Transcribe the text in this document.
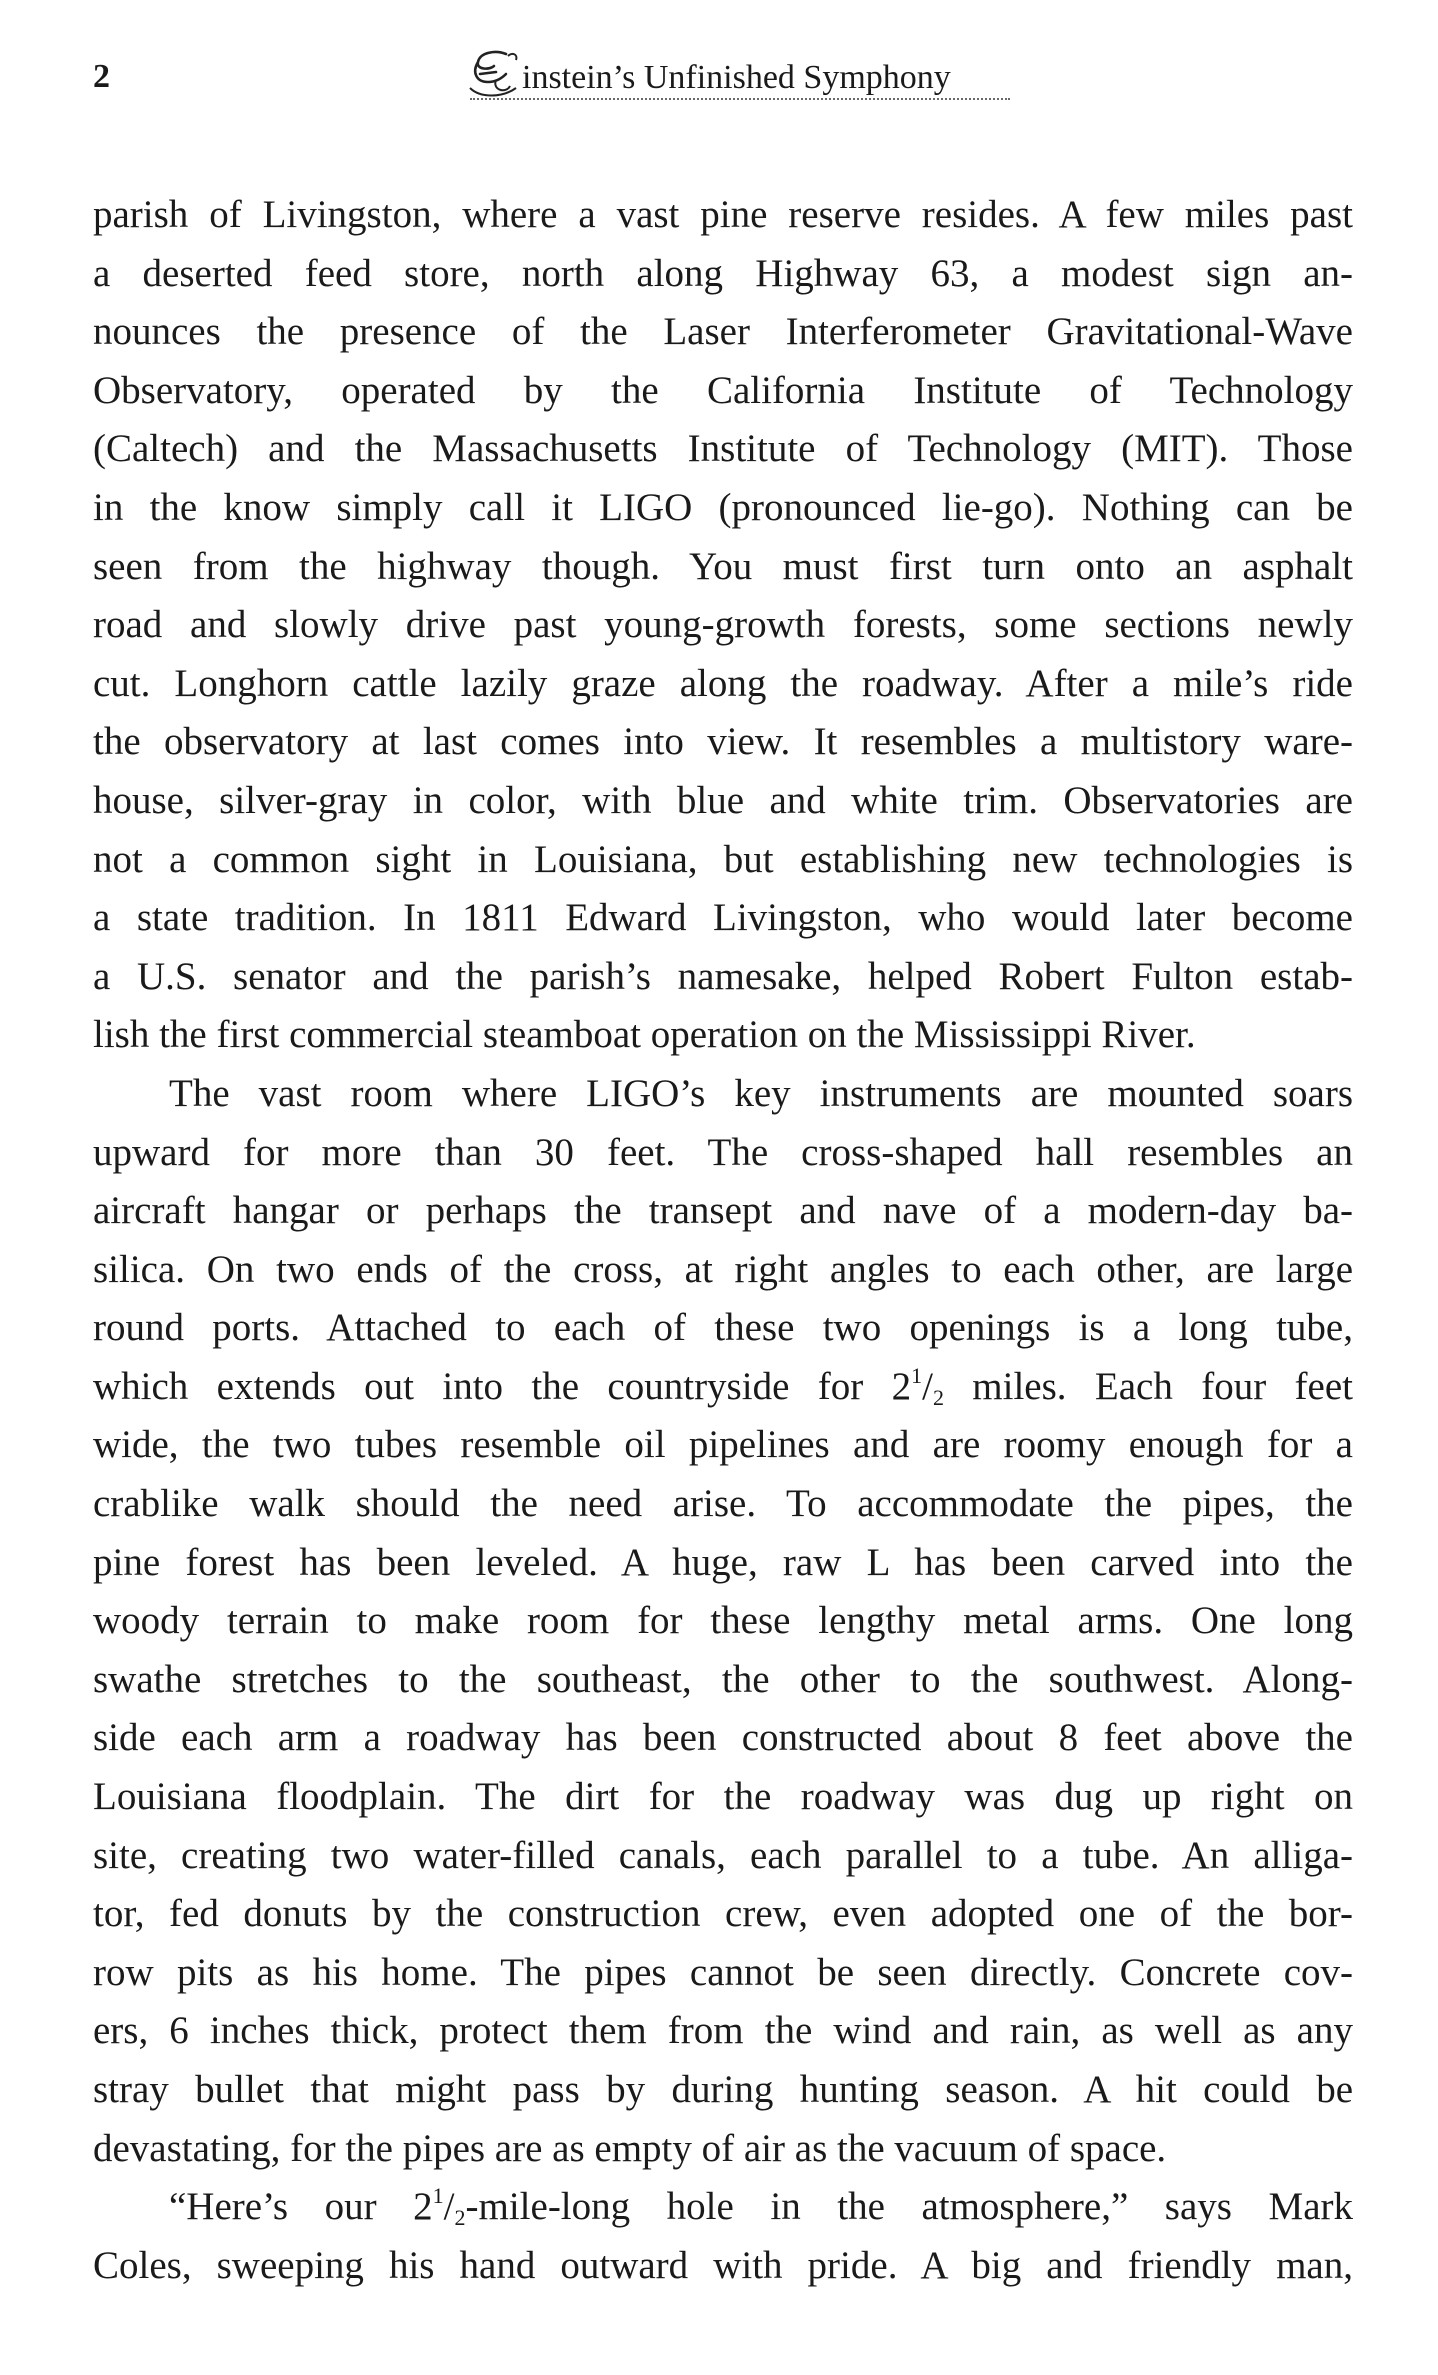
2	instein’s Unfinished Symphony
parish of Livingston, where a vast pine reserve resides. A few miles past
a deserted feed store, north along Highway 63, a modest sign an-
nounces the presence of the Laser Interferometer Gravitational-Wave
Observatory, operated by the California Institute of Technology
(Caltech) and the Massachusetts Institute of Technology (MIT). Those
in the know simply call it LIGO (pronounced lie-go). Nothing can be
seen from the highway though. You must first turn onto an asphalt
road and slowly drive past young-growth forests, some sections newly
cut. Longhorn cattle lazily graze along the roadway. After a mile’s ride
the observatory at last comes into view. It resembles a multistory ware-
house, silver-gray in color, with blue and white trim. Observatories are
not a common sight in Louisiana, but establishing new technologies is
a state tradition. In 1811 Edward Livingston, who would later become
a U.S. senator and the parish’s namesake, helped Robert Fulton estab-
lish the first commercial steamboat operation on the Mississippi River.
The vast room where LIGO’s key instruments are mounted soars
upward for more than 30 feet. The cross-shaped hall resembles an
aircraft hangar or perhaps the transept and nave of a modern-day ba-
silica. On two ends of the cross, at right angles to each other, are large
round ports. Attached to each of these two openings is a long tube,
which extends out into the countryside for $2^1/_2$ miles. Each four feet
wide, the two tubes resemble oil pipelines and are roomy enough for a
crablike walk should the need arise. To accommodate the pipes, the
pine forest has been leveled. A huge, raw L has been carved into the
woody terrain to make room for these lengthy metal arms. One long
swathe stretches to the southeast, the other to the southwest. Along-
side each arm a roadway has been constructed about 8 feet above the
Louisiana floodplain. The dirt for the roadway was dug up right on
site, creating two water-filled canals, each parallel to a tube. An alliga-
tor, fed donuts by the construction crew, even adopted one of the bor-
row pits as his home. The pipes cannot be seen directly. Concrete cov-
ers, 6 inches thick, protect them from the wind and rain, as well as any
stray bullet that might pass by during hunting season. A hit could be
devastating, for the pipes are as empty of air as the vacuum of space.
“Here’s our $2^1/_2-mile$-long hole in the atmosphere,” says Mark
Coles, sweeping his hand outward with pride. A big and friendly man,
